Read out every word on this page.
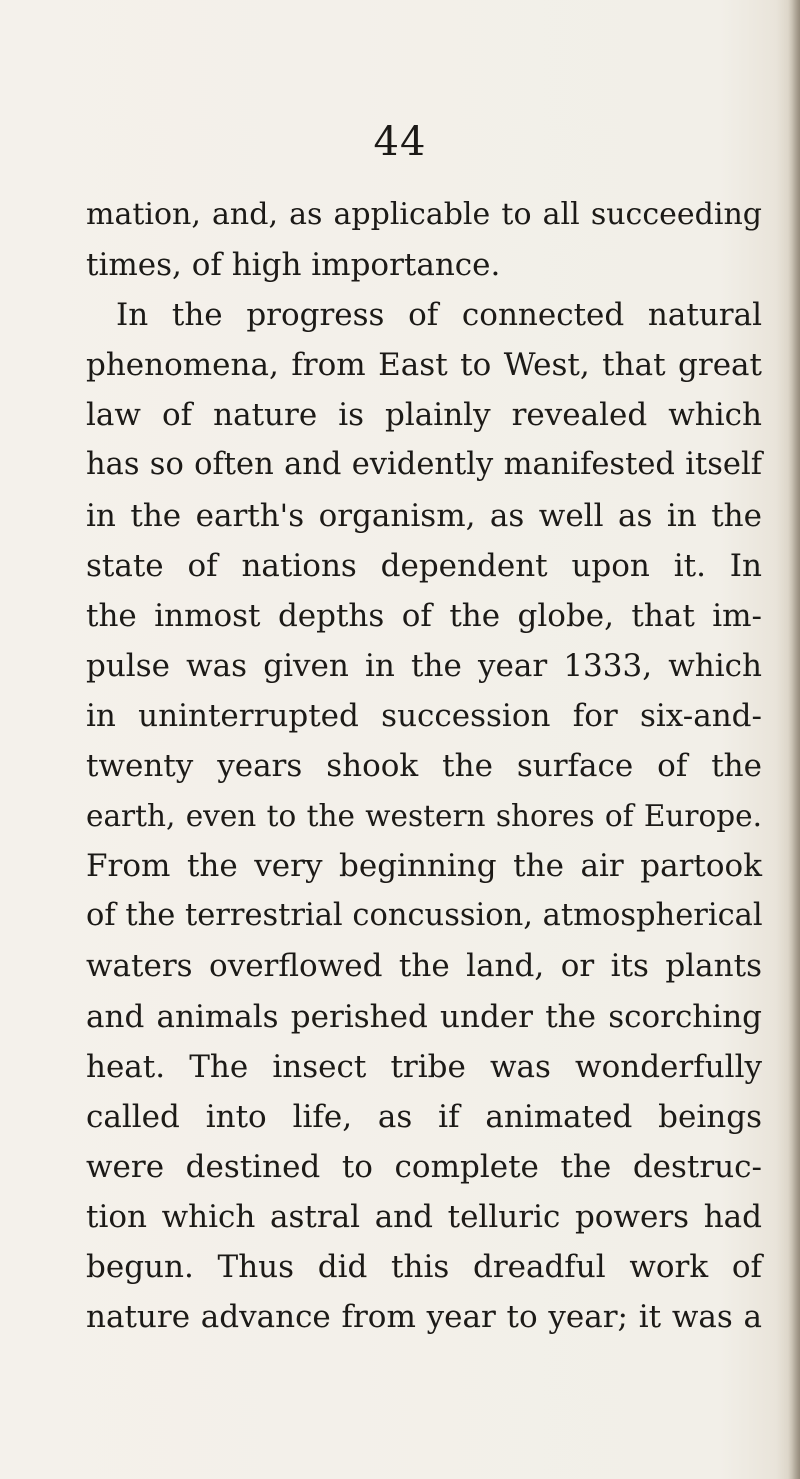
44
mation, and, as applicable to all succeeding
times, of high importance.
In the progress of connected natural
phenomena, from East to West, that great
law of nature is plainly revealed which
has so often and evidently manifested itself
in the earth's organism, as well as in the
state of nations dependent upon it. In
the inmost depths of the globe, that im-
pulse was given in the year 1333, which
in uninterrupted succession for six-and-
twenty years shook the surface of the
earth, even to the western shores of Europe.
From the very beginning the air partook
of the terrestrial concussion, atmospherical
waters overflowed the land, or its plants
and animals perished under the scorching
heat. The insect tribe was wonderfully
called into life, as if animated beings
were destined to complete the destruc-
tion which astral and telluric powers had
begun. Thus did this dreadful work of
nature advance from year to year; it was a
